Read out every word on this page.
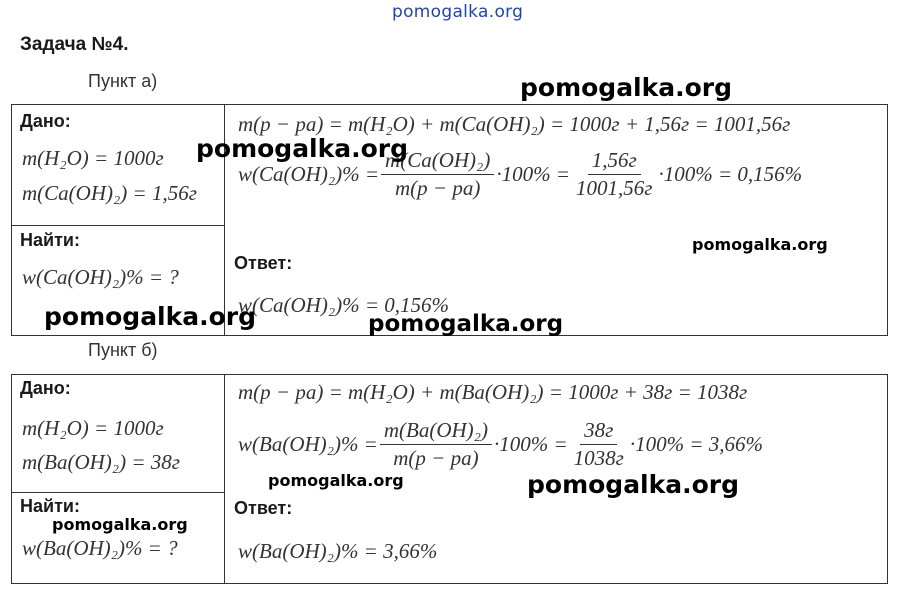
pomogalka.org
Задача №4.
Пункт а)
Дано:
m(H₂O) = 1000г
m(Ca(OH)₂) = 1,56г
Найти:
w(Ca(OH)₂)% = ?
m(p − pa) = m(H₂O) + m(Ca(OH)₂) = 1000г + 1,56г = 1001,56г
$w(Ca(OH)_2)\% = \frac{\text{m(Ca(OH)₂)}}{m(p - pa)} \cdot 100\% = \frac{1,56г}{1001,56г} \cdot 100\% = 0,156\%$
Ответ:
w(Ca(OH)₂)% = 0,156%
Пункт б)
Дано:
m(H₂O) = 1000г
m(Ba(OH)₂) = 38г
Найти:
w(Ba(OH)₂)% = ?
m(p − pa) = m(H₂O) + m(Ba(OH)₂) = 1000г + 38г = 1038г
$w(Ba(OH)_2)\% = \frac{\text{m(Ba(OH)₂)}}{m(p - pa)} \cdot 100\% = \frac{38г}{1038г} \cdot 100\% = 3,66\%$
Ответ:
w(Ba(OH)₂)% = 3,66%
pomogalka.org
pomogalka.org
pomogalka.org
pomogalka.org	pomogalka.org
pomogalka.org	pomogalka.org
pomogalka.org
